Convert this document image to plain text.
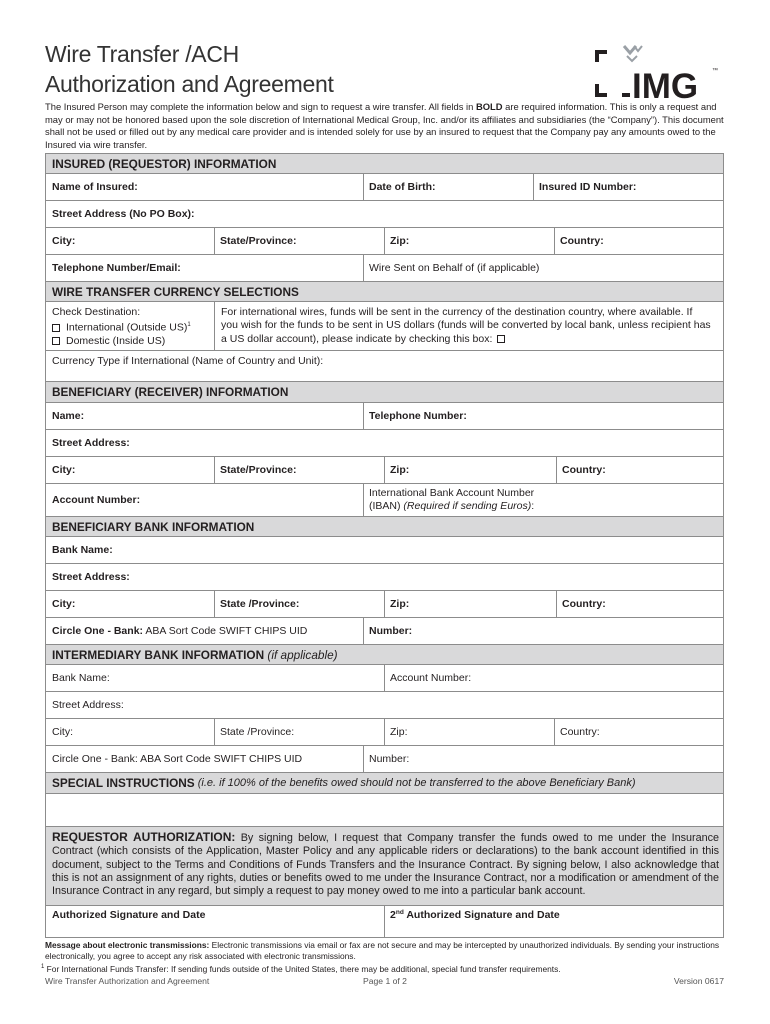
Wire Transfer /ACH
Authorization and Agreement	IMG ™
The Insured Person may complete the information below and sign to request a wire transfer. All fields in BOLD are required information. This is only a request and may or may not be honored based upon the sole discretion of International Medical Group, Inc. and/or its affiliates and subsidiaries (the “Company”). This document shall not be used or filled out by any medical care provider and is intended solely for use by an insured to request that the Company pay any amounts owed to the Insured via wire transfer.
INSURED (REQUESTOR) INFORMATION
Name of Insured:	Date of Birth:	Insured ID Number:
Street Address (No PO Box):
City:	State/Province:	Zip:	Country:
Telephone Number/Email:	Wire Sent on Behalf of (if applicable)
WIRE TRANSFER CURRENCY SELECTIONS
Check Destination:
International (Outside US)$^1$
Domestic (Inside US)
For international wires, funds will be sent in the currency of the destination country, where available. If
you wish for the funds to be sent in US dollars (funds will be converted by local bank, unless recipient has
a US dollar account), please indicate by checking this box:
Currency Type if International (Name of Country and Unit):
BENEFICIARY (RECEIVER) INFORMATION
Name:	Telephone Number:
Street Address:
City:	State/Province:	Zip:	Country:
Account Number:
International Bank Account Number
(IBAN) (Required if sending Euros):
BENEFICIARY BANK INFORMATION
Bank Name:
Street Address:
City:	State /Province:	Zip:	Country:
Circle One - Bank: ABA Sort Code SWIFT CHIPS UID	Number:
INTERMEDIARY BANK INFORMATION (if applicable)
Bank Name:	Account Number:
Street Address:
City:	State /Province:	Zip:	Country:
Circle One - Bank: ABA Sort Code SWIFT CHIPS UID	Number:
SPECIAL INSTRUCTIONS (i.e. if 100% of the benefits owed should not be transferred to the above Beneficiary Bank)
REQUESTOR AUTHORIZATION: By signing below, I request that Company transfer the funds owed to me under the Insurance Contract (which consists of the Application, Master Policy and any applicable riders or declarations) to the bank account identified in this document, subject to the Terms and Conditions of Funds Transfers and the Insurance Contract. By signing below, I also acknowledge that this is not an assignment of any rights, duties or benefits owed to me under the Insurance Contract, nor a modification or amendment of the Insurance Contract in any regard, but simply a request to pay money owed to me into a particular bank account.
Authorized Signature and Date	2nd Authorized Signature and Date
Message about electronic transmissions: Electronic transmissions via email or fax are not secure and may be intercepted by unauthorized individuals. By sending your instructions electronically, you agree to accept any risk associated with electronic transmissions.
$^1$ For International Funds Transfer: If sending funds outside of the United States, there may be additional, special fund transfer requirements.
Wire Transfer Authorization and Agreement	Page 1 of 2	Version 0617
